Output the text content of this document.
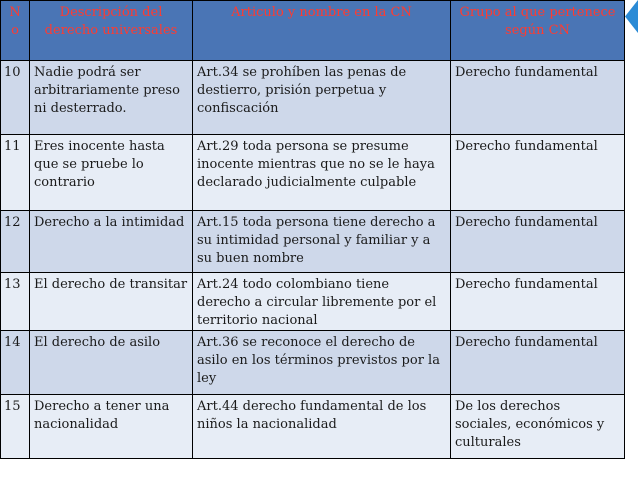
N o	Descripción del derecho universales	Articulo y nombre en la CN	Grupo al que pertenece según CN
10	Nadie podrá ser arbitrariamente preso ni desterrado.	Art.34 se prohíben las penas de destierro, prisión perpetua y confiscación	Derecho fundamental
11	Eres inocente hasta que se pruebe lo contrario	Art.29 toda persona se presume inocente mientras que no se le haya declarado judicialmente culpable	Derecho fundamental
12	Derecho a la intimidad	Art.15 toda persona tiene derecho a su intimidad personal y familiar y a su buen nombre	Derecho fundamental
13	El derecho de transitar	Art.24 todo colombiano tiene derecho a circular libremente por el territorio nacional	Derecho fundamental
14	El derecho de asilo	Art.36 se reconoce el derecho de asilo en los términos previstos por la ley	Derecho fundamental
15	Derecho a tener una nacionalidad	Art.44 derecho fundamental de los niños la nacionalidad	De los derechos sociales, económicos y culturales
